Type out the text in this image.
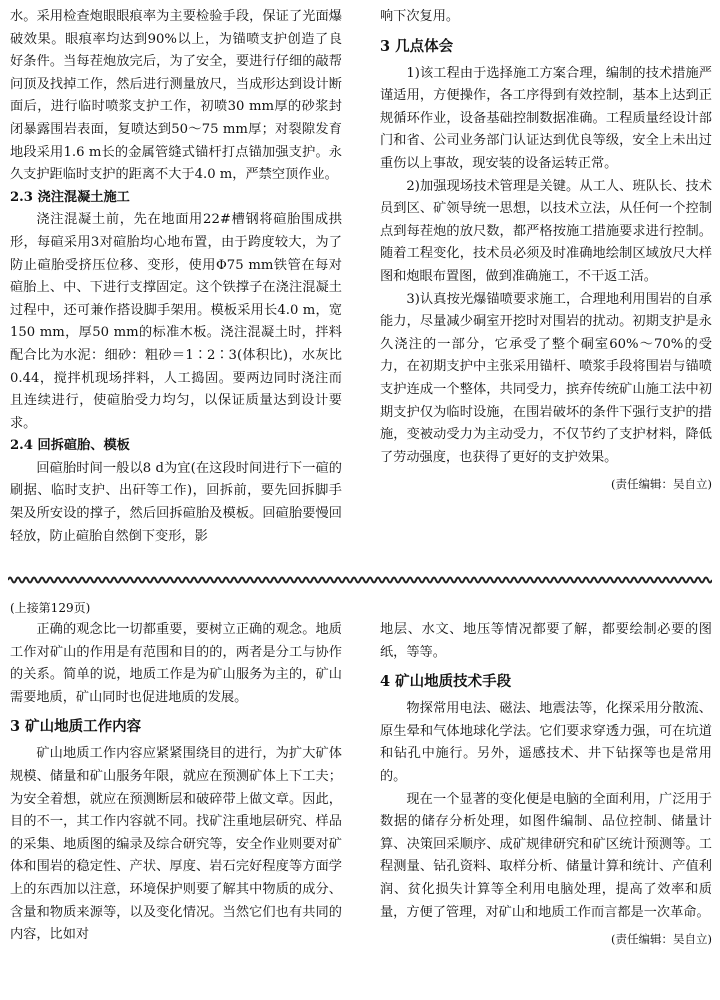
水。采用检查炮眼眼痕率为主要检验手段，保证了光面爆破效果。眼痕率均达到90%以上，为锚喷支护创造了良好条件。当每茬炮放完后，为了安全，要进行仔细的敲帮问顶及找掉工作，然后进行测量放尺，当成形达到设计断面后，进行临时喷浆支护工作，初喷30 mm厚的砂浆封闭暴露围岩表面，复喷达到50～75 mm厚；对裂隙发育地段采用1.6 m长的金属管缝式锚杆打点锚加强支护。永久支护距临时支护的距离不大于4.0 m，严禁空顶作业。

2.3 浇注混凝土施工

浇注混凝土前，先在地面用22#槽钢将碹胎围成拱形，每碹采用3对碹胎均心地布置，由于跨度较大，为了防止碹胎受挤压位移、变形，使用Φ75 mm铁管在每对碹胎上、中、下进行支撑固定。这个铁撑子在浇注混凝土过程中，还可兼作搭设脚手架用。模板采用长4.0 m，宽150 mm，厚50 mm的标准木板。浇注混凝土时，拌料配合比为水泥：细砂：粗砂＝1∶2∶3(体积比)，水灰比0.44，搅拌机现场拌料，人工捣固。要两边同时浇注而且连续进行，使碹胎受力均匀，以保证质量达到设计要求。

2.4 回拆碹胎、模板

回碹胎时间一般以8 d为宜(在这段时间进行下一碹的刷据、临时支护、出矸等工作)，回拆前，要先回拆脚手架及所安设的撑子，然后回拆碹胎及模板。回碹胎要慢回轻放，防止碹胎自然倒下变形，影

响下次复用。

3 几点体会

1)该工程由于选择施工方案合理，编制的技术措施严谨适用，方便操作，各工序得到有效控制，基本上达到正规循环作业，设备基础控制数据准确。工程质量经设计部门和省、公司业务部门认证达到优良等级，安全上未出过重伤以上事故，现安装的设备运转正常。

2)加强现场技术管理是关键。从工人、班队长、技术员到区、矿领导统一思想，以技术立法，从任何一个控制点到每茬炮的放尺数，都严格按施工措施要求进行控制。随着工程变化，技术员必须及时准确地绘制区域放尺大样图和炮眼布置图，做到准确施工，不干返工活。

3)认真按光爆锚喷要求施工，合理地利用围岩的自承能力，尽量减少硐室开挖时对围岩的扰动。初期支护是永久浇注的一部分，它承受了整个硐室60%～70%的受力，在初期支护中主张采用锚杆、喷浆手段将围岩与锚喷支护连成一个整体，共同受力，摈弃传统矿山施工法中初期支护仅为临时设施，在围岩破坏的条件下强行支护的措施，变被动受力为主动受力，不仅节约了支护材料，降低了劳动强度，也获得了更好的支护效果。

(责任编辑：吴自立)

(上接第129页)

正确的观念比一切都重要，要树立正确的观念。地质工作对矿山的作用是有范围和目的的，两者是分工与协作的关系。简单的说，地质工作是为矿山服务为主的，矿山需要地质，矿山同时也促进地质的发展。

3 矿山地质工作内容

矿山地质工作内容应紧紧围绕目的进行，为扩大矿体规模、储量和矿山服务年限，就应在预测矿体上下工夫；为安全着想，就应在预测断层和破碎带上做文章。因此，目的不一，其工作内容就不同。找矿注重地层研究、样品的采集、地质图的编录及综合研究等，安全作业则要对矿体和围岩的稳定性、产状、厚度、岩石完好程度等方面学上的东西加以注意，环境保护则要了解其中物质的成分、含量和物质来源等，以及变化情况。当然它们也有共同的内容，比如对

地层、水文、地压等情况都要了解，都要绘制必要的图纸，等等。

4 矿山地质技术手段

物探常用电法、磁法、地震法等，化探采用分散流、原生晕和气体地球化学法。它们要求穿透力强，可在坑道和钻孔中施行。另外，遥感技术、井下钻探等也是常用的。

现在一个显著的变化便是电脑的全面利用，广泛用于数据的储存分析处理，如图件编制、品位控制、储量计算、决策回采顺序、成矿规律研究和矿区统计预测等。工程测量、钻孔资料、取样分析、储量计算和统计、产值利润、贫化损失计算等全利用电脑处理，提高了效率和质量，方便了管理，对矿山和地质工作而言都是一次革命。

(责任编辑：吴自立)
